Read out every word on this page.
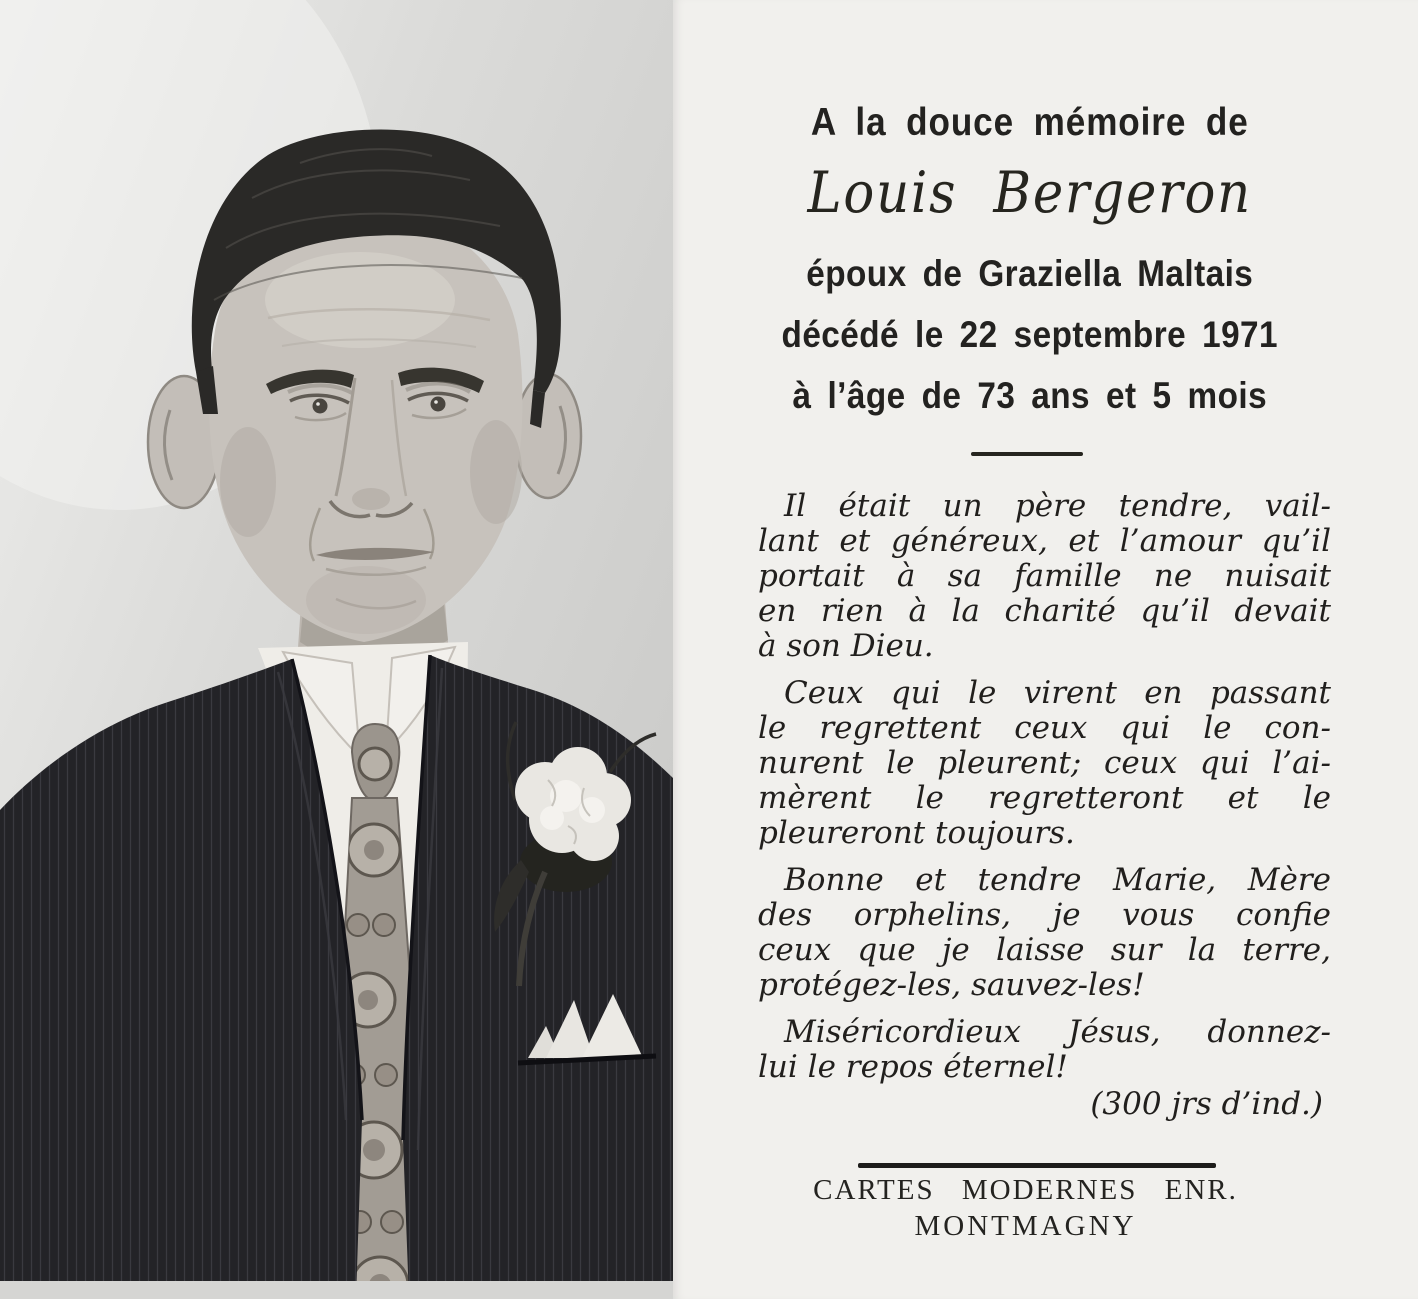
A la douce mémoire de
Louis Bergeron
époux de Graziella Maltais
décédé le 22 septembre 1971
à l’âge de 73 ans et 5 mois
Il était un père tendre, vail-
lant et généreux, et l’amour qu’il
portait à sa famille ne nuisait
en rien à la charité qu’il devait
à son Dieu.
Ceux qui le virent en passant
le regrettent ceux qui le con-
nurent le pleurent; ceux qui l’ai-
mèrent le regretteront et le
pleureront toujours.
Bonne et tendre Marie, Mère
des orphelins, je vous confie
ceux que je laisse sur la terre,
protégez-les, sauvez-les!
Miséricordieux Jésus, donnez-
lui le repos éternel!
(300 jrs d’ind.)
CARTES MODERNES ENR.
MONTMAGNY
